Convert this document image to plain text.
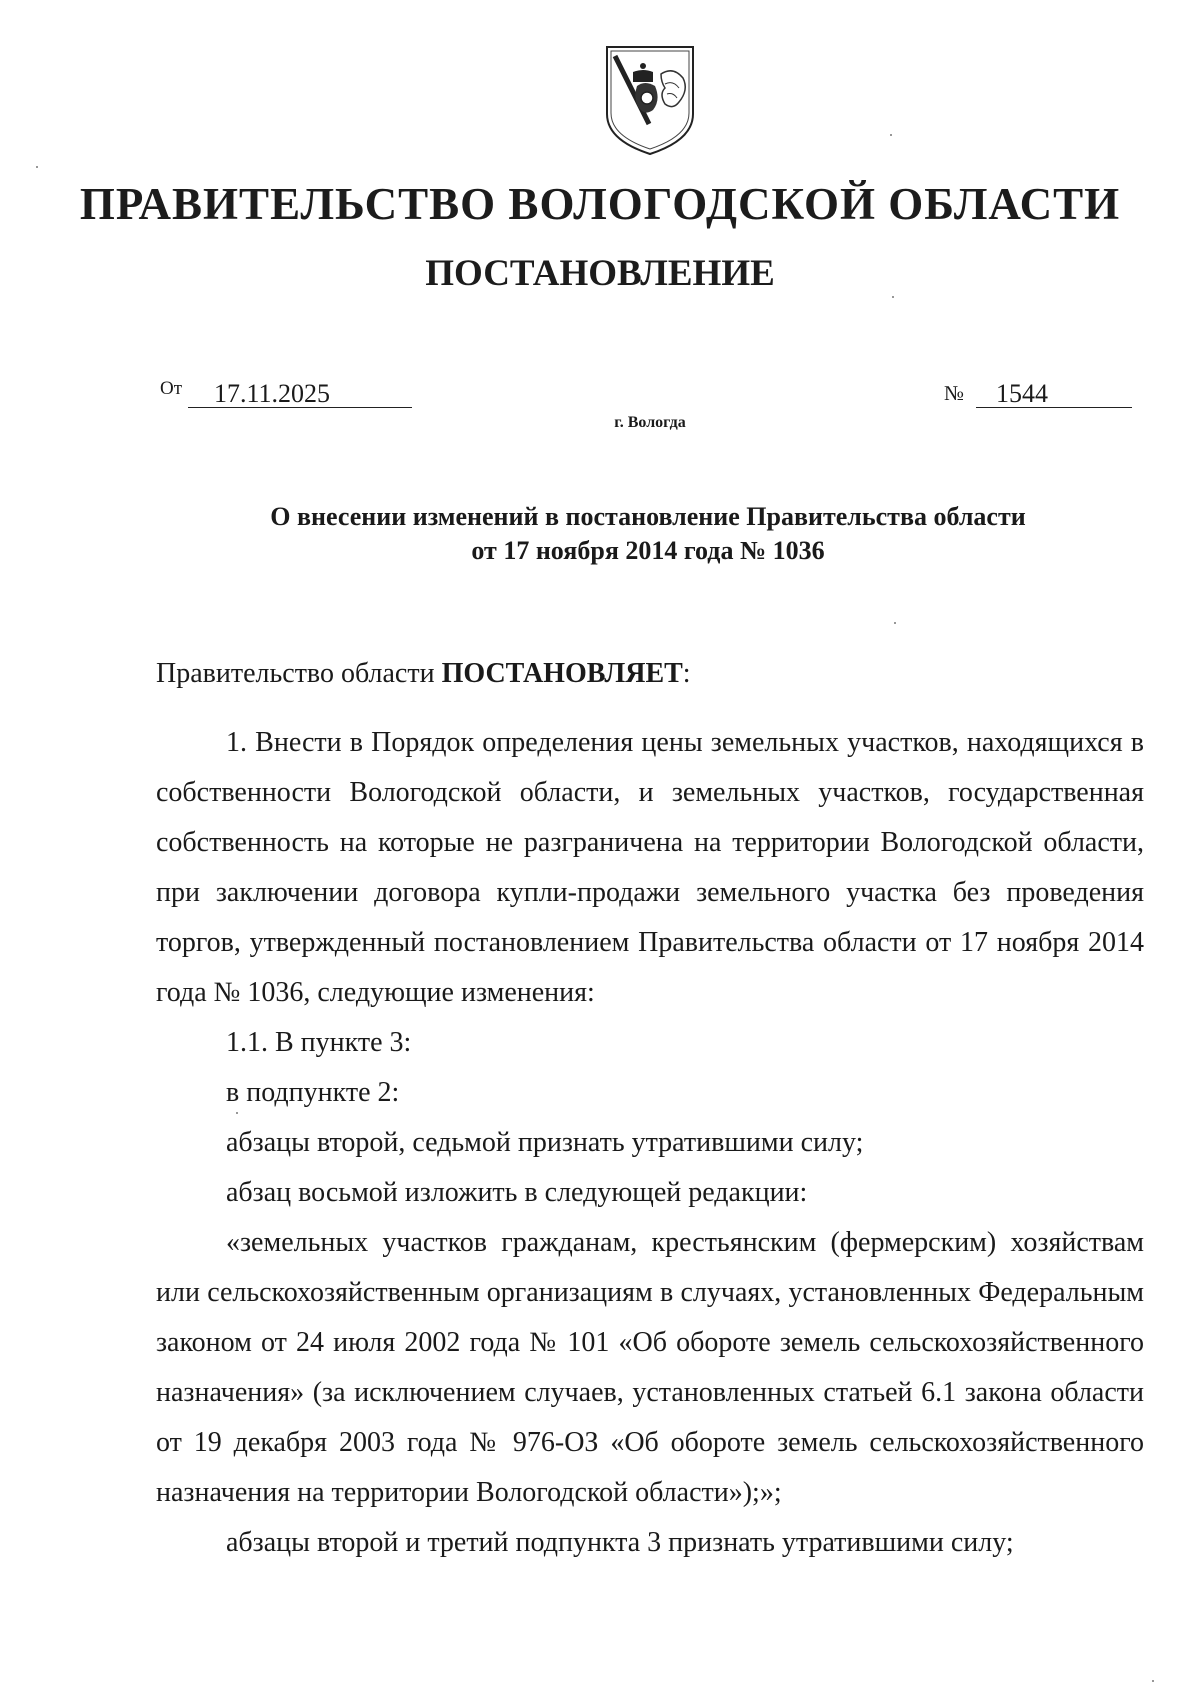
ПРАВИТЕЛЬСТВО ВОЛОГОДСКОЙ ОБЛАСТИ
ПОСТАНОВЛЕНИЕ
От	17.11.2025	№	1544
г. Вологда
О внесении изменений в постановление Правительства области
от 17 ноября 2014 года № 1036
Правительство области ПОСТАНОВЛЯЕТ:

1. Внести в Порядок определения цены земельных участков, находящихся в собственности Вологодской области, и земельных участков, государственная собственность на которые не разграничена на территории Вологодской области, при заключении договора купли-продажи земельного участка без проведения торгов, утвержденный постановлением Правительства области от 17 ноября 2014 года № 1036, следующие изменения:

1.1. В пункте 3:

в подпункте 2:

абзацы второй, седьмой признать утратившими силу;

абзац восьмой изложить в следующей редакции:

«земельных участков гражданам, крестьянским (фермерским) хозяйствам или сельскохозяйственным организациям в случаях, установленных Федеральным законом от 24 июля 2002 года № 101 «Об обороте земель сельскохозяйственного назначения» (за исключением случаев, установленных статьей 6.1 закона области от 19 декабря 2003 года № 976-ОЗ «Об обороте земель сельскохозяйственного назначения на территории Вологодской области»);»;

абзацы второй и третий подпункта 3 признать утратившими силу;
